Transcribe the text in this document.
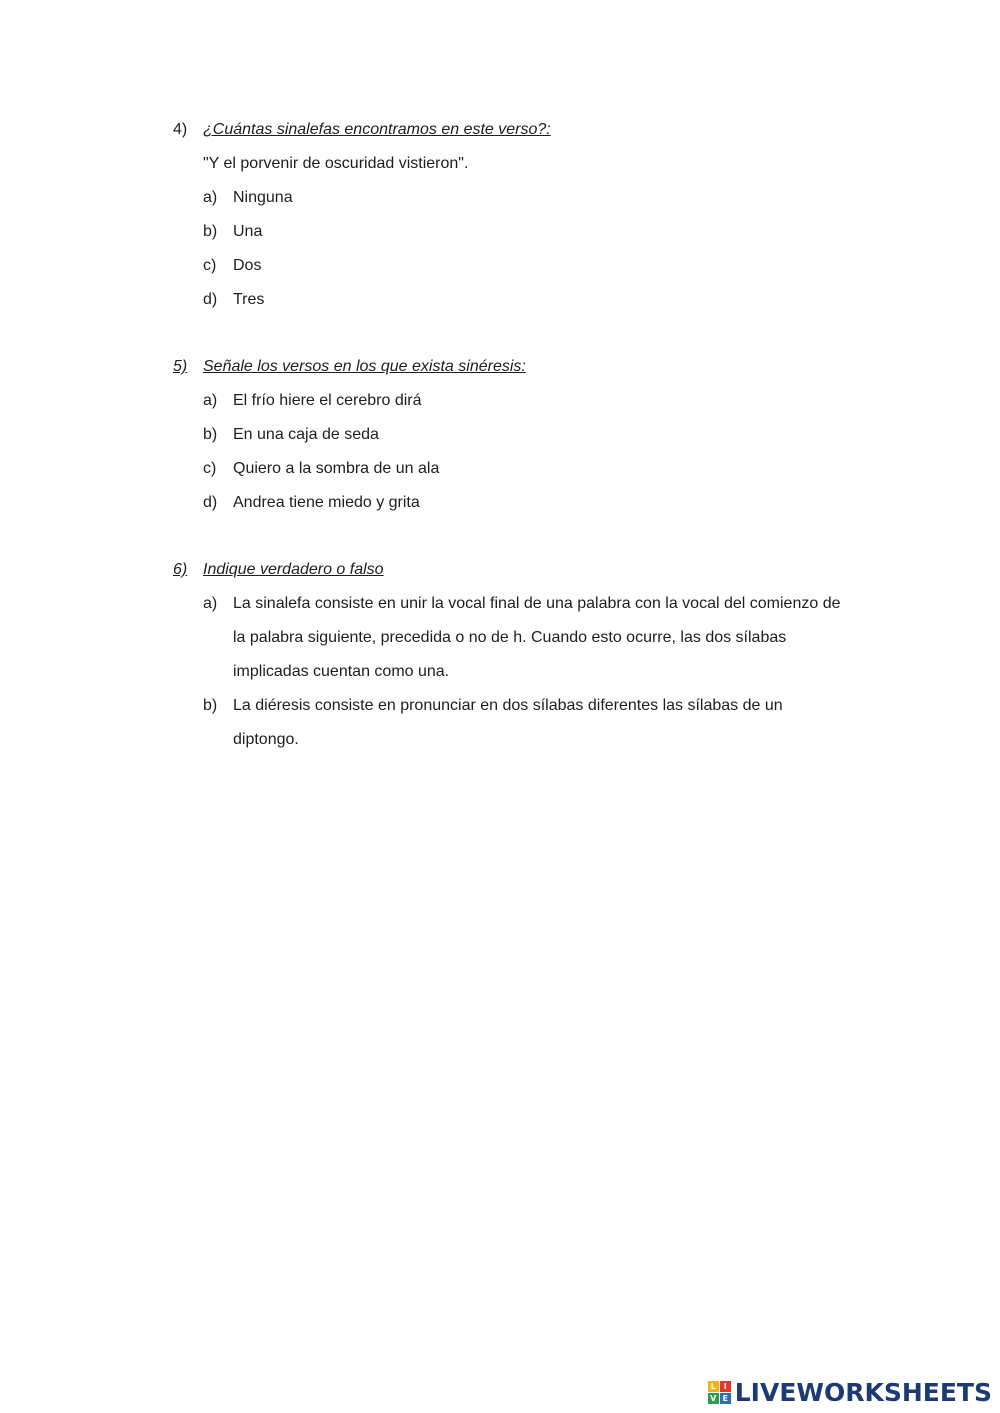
4) ¿Cuántas sinalefas encontramos en este verso?:
"Y el porvenir de oscuridad vistieron".
a) Ninguna
b) Una
c)	Dos
d) Tres
5) Señale los versos en los que exista sinéresis:
a) El frío hiere el cerebro dirá
b) En una caja de seda
c)	Quiero a la sombra de un ala
d) Andrea tiene miedo y grita
6) Indique verdadero o falso
a) La sinalefa consiste en unir la vocal final de una palabra con la vocal del comienzo de la palabra siguiente, precedida o no de h. Cuando esto ocurre, las dos sílabas implicadas cuentan como una.
b) La diéresis consiste en pronunciar en dos sílabas diferentes las sílabas de un diptongo.
L I
V E LIVEWORKSHEETS
